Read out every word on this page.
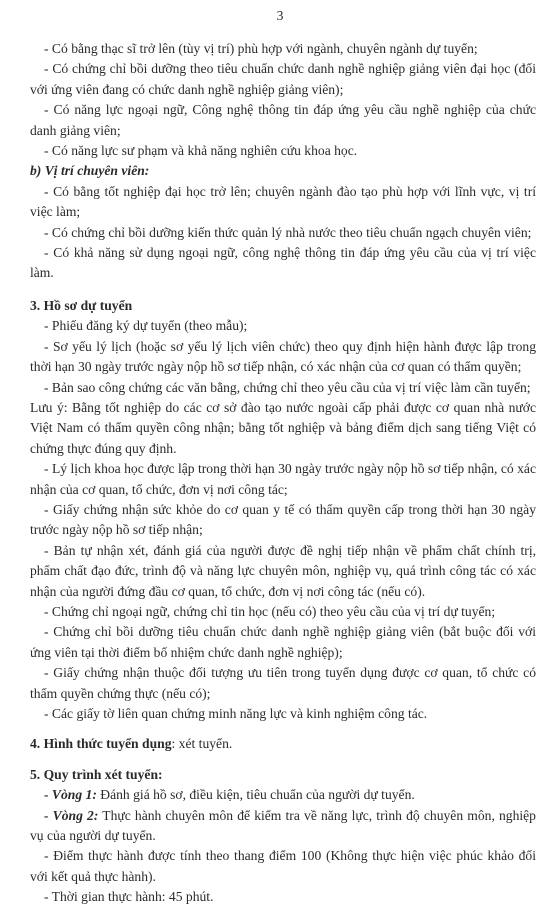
3

- Có bằng thạc sĩ trở lên (tùy vị trí) phù hợp với ngành, chuyên ngành dự tuyển;

- Có chứng chỉ bồi dưỡng theo tiêu chuẩn chức danh nghề nghiệp giảng viên đại học (đối với ứng viên đang có chức danh nghề nghiệp giảng viên);

- Có năng lực ngoại ngữ, Công nghệ thông tin đáp ứng yêu cầu nghề nghiệp của chức danh giảng viên;

- Có năng lực sư phạm và khả năng nghiên cứu khoa học.

b) Vị trí chuyên viên:

- Có bằng tốt nghiệp đại học trở lên; chuyên ngành đào tạo phù hợp với lĩnh vực, vị trí việc làm;

- Có chứng chỉ bồi dưỡng kiến thức quản lý nhà nước theo tiêu chuẩn ngạch chuyên viên;

- Có khả năng sử dụng ngoại ngữ, công nghệ thông tin đáp ứng yêu cầu của vị trí việc làm.

3. Hồ sơ dự tuyển

- Phiếu đăng ký dự tuyển (theo mẫu);

- Sơ yếu lý lịch (hoặc sơ yếu lý lịch viên chức) theo quy định hiện hành được lập trong thời hạn 30 ngày trước ngày nộp hồ sơ tiếp nhận, có xác nhận của cơ quan có thẩm quyền;

- Bản sao công chứng các văn bằng, chứng chỉ theo yêu cầu của vị trí việc làm cần tuyển;

Lưu ý: Bằng tốt nghiệp do các cơ sở đào tạo nước ngoài cấp phải được cơ quan nhà nước Việt Nam có thẩm quyền công nhận; bằng tốt nghiệp và bảng điểm dịch sang tiếng Việt có chứng thực đúng quy định.

- Lý lịch khoa học được lập trong thời hạn 30 ngày trước ngày nộp hồ sơ tiếp nhận, có xác nhận của cơ quan, tổ chức, đơn vị nơi công tác;

- Giấy chứng nhận sức khỏe do cơ quan y tế có thẩm quyền cấp trong thời hạn 30 ngày trước ngày nộp hồ sơ tiếp nhận;

- Bản tự nhận xét, đánh giá của người được đề nghị tiếp nhận về phẩm chất chính trị, phẩm chất đạo đức, trình độ và năng lực chuyên môn, nghiệp vụ, quá trình công tác có xác nhận của người đứng đầu cơ quan, tổ chức, đơn vị nơi công tác (nếu có).

- Chứng chỉ ngoại ngữ, chứng chỉ tin học (nếu có) theo yêu cầu của vị trí dự tuyển;

- Chứng chỉ bồi dưỡng tiêu chuẩn chức danh nghề nghiệp giảng viên (bắt buộc đối với ứng viên tại thời điểm bổ nhiệm chức danh nghề nghiệp);

- Giấy chứng nhận thuộc đối tượng ưu tiên trong tuyển dụng được cơ quan, tổ chức có thẩm quyền chứng thực (nếu có);

- Các giấy tờ liên quan chứng minh năng lực và kinh nghiệm công tác.

4. Hình thức tuyển dụng: xét tuyển.

5. Quy trình xét tuyển:

- Vòng 1: Đánh giá hồ sơ, điều kiện, tiêu chuẩn của người dự tuyển.

- Vòng 2: Thực hành chuyên môn để kiểm tra về năng lực, trình độ chuyên môn, nghiệp vụ của người dự tuyển.

- Điểm thực hành được tính theo thang điểm 100 (Không thực hiện việc phúc khảo đối với kết quả thực hành).

- Thời gian thực hành: 45 phút.
